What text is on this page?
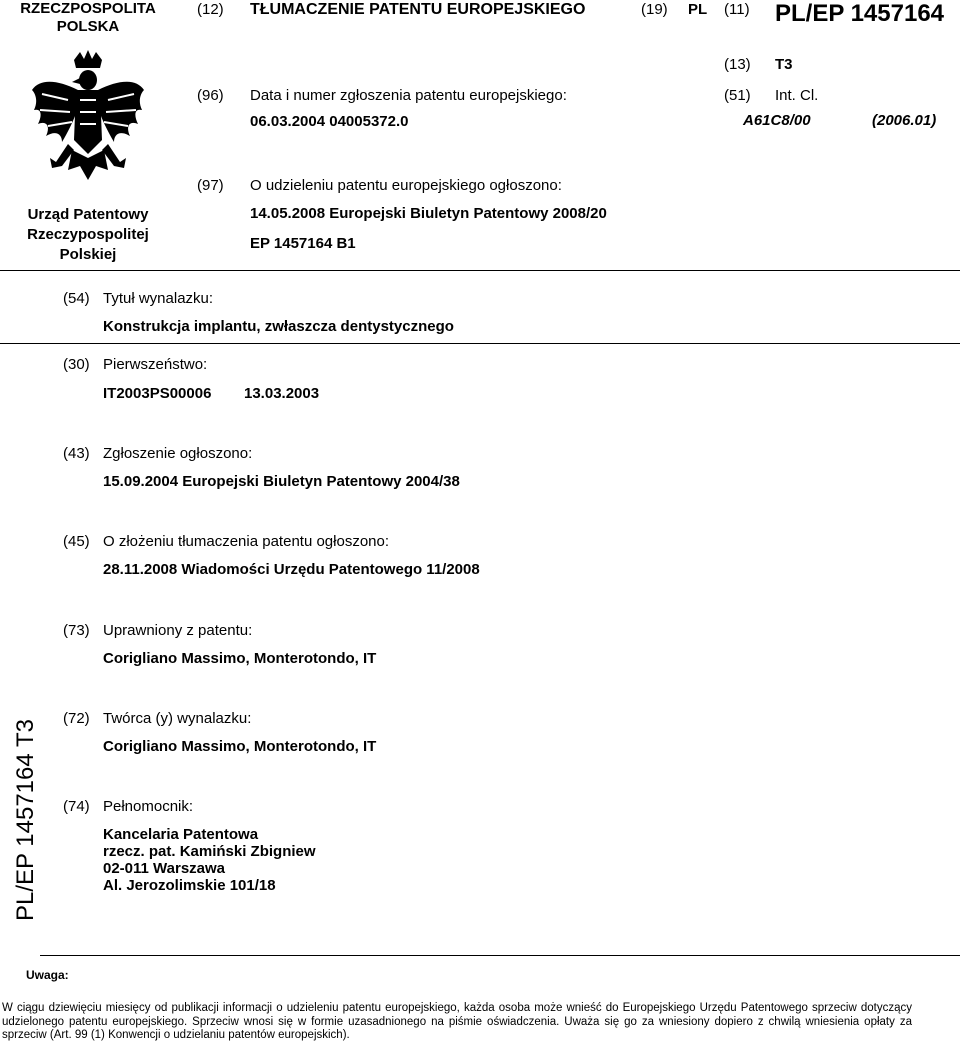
RZECZPOSPOLITA POLSKA
(12) TŁUMACZENIE PATENTU EUROPEJSKIEGO	(19) PL (11) PL/EP 1457164
(13) T3
(96) Data i numer zgłoszenia patentu europejskiego:
06.03.2004 04005372.0
(51) Int. Cl.
A61C8/00	(2006.01)
(97) O udzieleniu patentu europejskiego ogłoszono:
14.05.2008 Europejski Biuletyn Patentowy 2008/20
EP 1457164 B1
Urząd Patentowy
Rzeczypospolitej
Polskiej
(54) Tytuł wynalazku:
Konstrukcja implantu, zwłaszcza dentystycznego
(30) Pierwszeństwo:
IT2003PS00006 13.03.2003
(43) Zgłoszenie ogłoszono:
15.09.2004 Europejski Biuletyn Patentowy 2004/38
(45) O złożeniu tłumaczenia patentu ogłoszono:
28.11.2008 Wiadomości Urzędu Patentowego 11/2008
(73) Uprawniony z patentu:
Corigliano Massimo, Monterotondo, IT
PL/EP 1457164 T3
(72) Twórca (y) wynalazku:
Corigliano Massimo, Monterotondo, IT
(74) Pełnomocnik:
Kancelaria Patentowa
rzecz. pat. Kamiński Zbigniew
02-011 Warszawa
Al. Jerozolimskie 101/18
Uwaga:
W ciągu dziewięciu miesięcy od publikacji informacji o udzieleniu patentu europejskiego, każda osoba może wnieść do Europejskiego Urzędu Patentowego sprzeciw dotyczący udzielonego patentu europejskiego. Sprzeciw wnosi się w formie uzasadnionego na piśmie oświadczenia. Uważa się go za wniesiony dopiero z chwilą wniesienia opłaty za sprzeciw (Art. 99 (1) Konwencji o udzielaniu patentów europejskich).
